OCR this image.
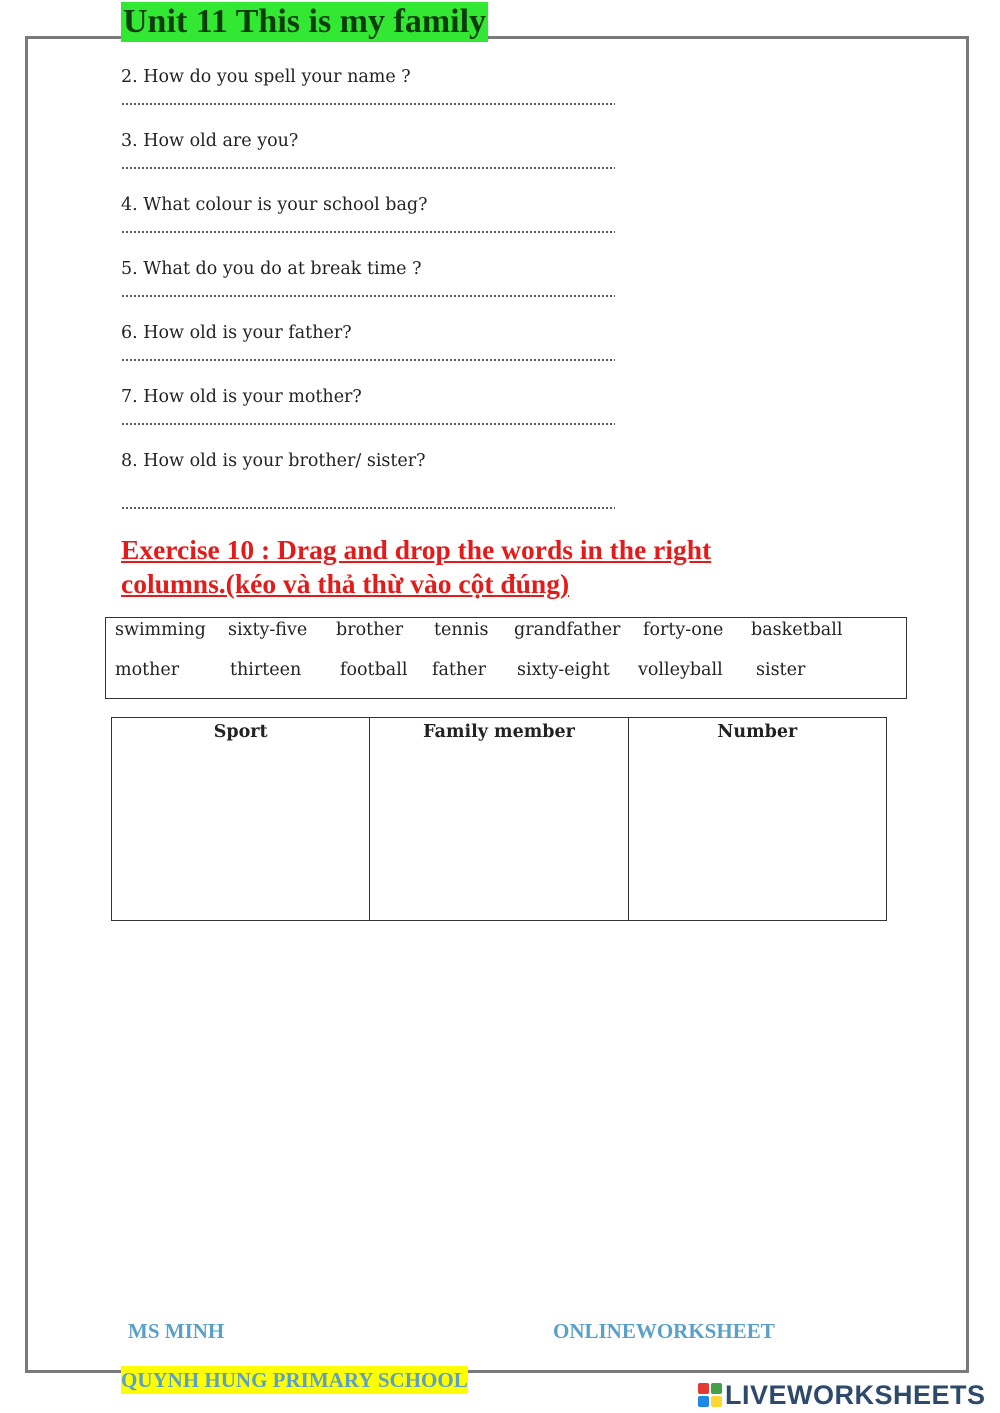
Unit 11 This is my family
2. How do you spell your name ?
3. How old are you?
4. What colour is your school bag?
5. What do you do at break time ?
6. How old is your father?
7. How old is your mother?
8. How old is your brother/ sister?
Exercise 10 : Drag and drop the words in the right columns.(kéo và thả thừ vào cột đúng)
swimming sixty-five brother tennis grandfather forty-one basketball
mother	thirteen football father sixty-eight volleyball sister
Sport	Family member	Number
MS MINH	ONLINEWORKSHEET
QUYNH HUNG PRIMARY SCHOOL	LIVEWORKSHEETS
